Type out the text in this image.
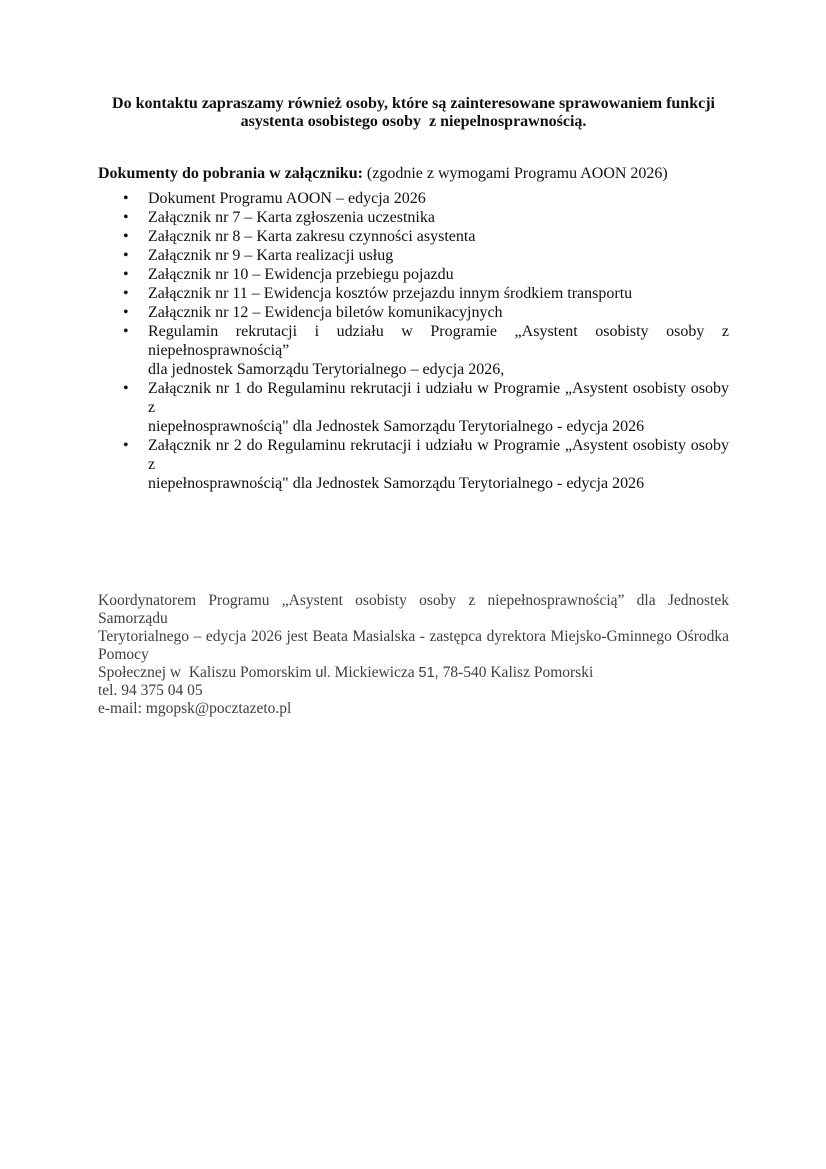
Do kontaktu zapraszamy również osoby, które są zainteresowane sprawowaniem funkcji
asystenta osobistego osoby  z niepelnosprawnością.
Dokumenty do pobrania w załączniku: (zgodnie z wymogami Programu AOON 2026)
• Dokument Programu AOON – edycja 2026
• Załącznik nr 7 – Karta zgłoszenia uczestnika
• Załącznik nr 8 – Karta zakresu czynności asystenta
• Załącznik nr 9 – Karta realizacji usług
• Załącznik nr 10 – Ewidencja przebiegu pojazdu
• Załącznik nr 11 – Ewidencja kosztów przejazdu innym środkiem transportu
• Załącznik nr 12 – Ewidencja biletów komunikacyjnych
• Regulamin rekrutacji i udziału w Programie „Asystent osobisty osoby z niepełnosprawnością”
dla jednostek Samorządu Terytorialnego – edycja 2026,
• Załącznik nr 1 do Regulaminu rekrutacji i udziału w Programie „Asystent osobisty osoby z
niepełnosprawnością" dla Jednostek Samorządu Terytorialnego - edycja 2026
• Załącznik nr 2 do Regulaminu rekrutacji i udziału w Programie „Asystent osobisty osoby z
niepełnosprawnością" dla Jednostek Samorządu Terytorialnego - edycja 2026
Koordynatorem Programu „Asystent osobisty osoby z niepełnosprawnością” dla Jednostek Samorządu
Terytorialnego – edycja 2026 jest Beata Masialska - zastępca dyrektora Miejsko-Gminnego Ośrodka Pomocy
Społecznej w  Kaliszu Pomorskim ul. Mickiewicza 51, 78-540 Kalisz Pomorski
tel. 94 375 04 05
e-mail: mgopsk@pocztazeto.pl
